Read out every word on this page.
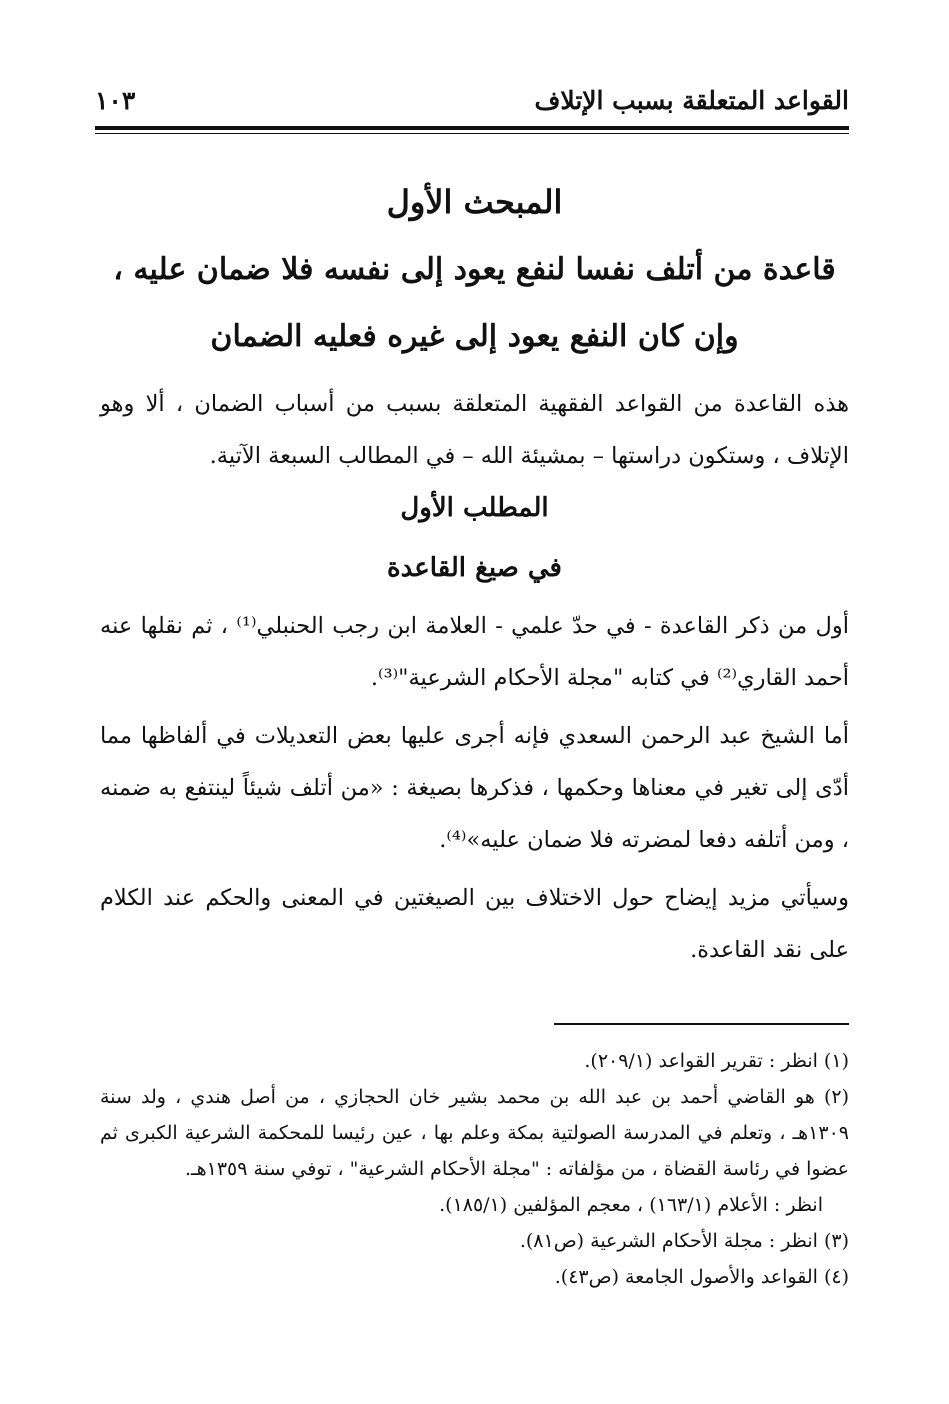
القواعد المتعلقة بسبب الإتلاف
١٠٣
المبحث الأول
قاعدة من أتلف نفسا لنفع يعود إلى نفسه فلا ضمان عليه ،
وإن كان النفع يعود إلى غيره فعليه الضمان
هذه القاعدة من القواعد الفقهية المتعلقة بسبب من أسباب الضمان ، ألا وهو الإتلاف ، وستكون دراستها – بمشيئة الله – في المطالب السبعة الآتية.
المطلب الأول
في صيغ القاعدة
أول من ذكر القاعدة - في حدّ علمي - العلامة ابن رجب الحنبلي⁽¹⁾ ، ثم نقلها عنه أحمد القاري⁽²⁾ في كتابه "مجلة الأحكام الشرعية"⁽³⁾.
أما الشيخ عبد الرحمن السعدي فإنه أجرى عليها بعض التعديلات في ألفاظها مما أدّى إلى تغير في معناها وحكمها ، فذكرها بصيغة : «من أتلف شيئاً لينتفع به ضمنه ، ومن أتلفه دفعا لمضرته فلا ضمان عليه»⁽⁴⁾.
وسيأتي مزيد إيضاح حول الاختلاف بين الصيغتين في المعنى والحكم عند الكلام على نقد القاعدة.
(١) انظر : تقرير القواعد (٢٠٩/١).
(٢) هو القاضي أحمد بن عبد الله بن محمد بشير خان الحجازي ، من أصل هندي ، ولد سنة ١٣٠٩هـ ، وتعلم في المدرسة الصولتية بمكة وعلم بها ، عين رئيسا للمحكمة الشرعية الكبرى ثم عضوا في رئاسة القضاة ، من مؤلفاته : "مجلة الأحكام الشرعية" ، توفي سنة ١٣٥٩هـ.
انظر : الأعلام (١٦٣/١) ، معجم المؤلفين (١٨٥/١).
(٣) انظر : مجلة الأحكام الشرعية (ص٨١).
(٤) القواعد والأصول الجامعة (ص٤٣).
